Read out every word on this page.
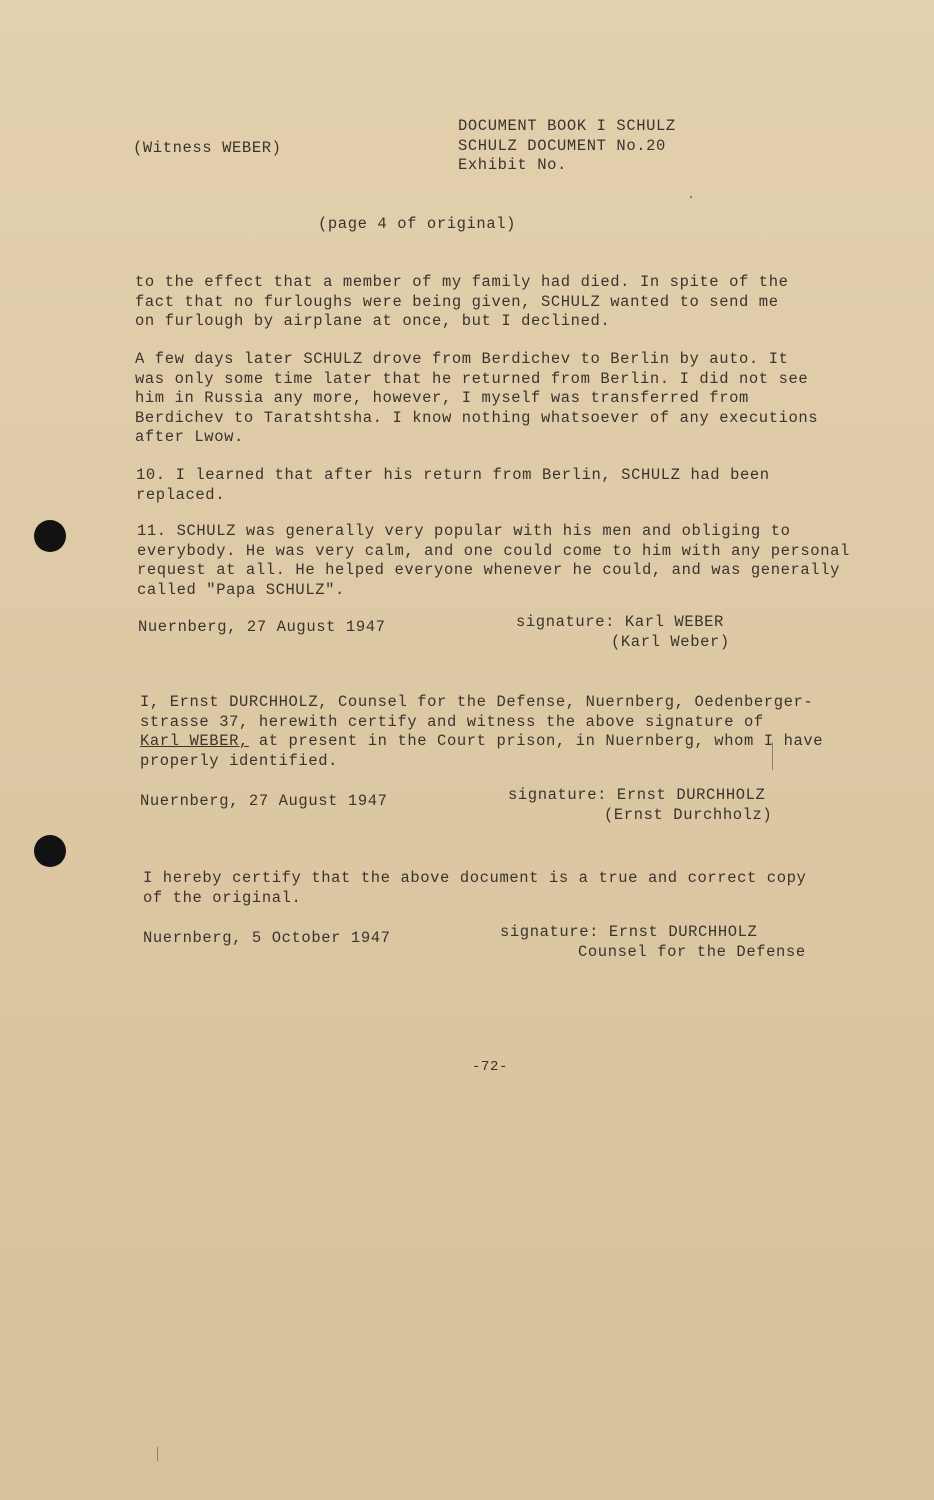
(Witness WEBER)
DOCUMENT BOOK I SCHULZ
SCHULZ DOCUMENT No.20
Exhibit No.
(page 4 of original)
to the effect that a member of my family had died. In spite of the
fact that no furloughs were being given, SCHULZ wanted to send me
on furlough by airplane at once, but I declined.
A few days later SCHULZ drove from Berdichev to Berlin by auto. It
was only some time later that he returned from Berlin. I did not see
him in Russia any more, however, I myself was transferred from
Berdichev to Taratshtsha. I know nothing whatsoever of any executions
after Lwow.
10. I learned that after his return from Berlin, SCHULZ had been
replaced.
11. SCHULZ was generally very popular with his men and obliging to
everybody. He was very calm, and one could come to him with any personal
request at all. He helped everyone whenever he could, and was generally
called "Papa SCHULZ".
Nuernberg, 27 August 1947	signature: Karl WEBER
(Karl Weber)
I, Ernst DURCHHOLZ, Counsel for the Defense, Nuernberg, Oedenberger-
strasse 37, herewith certify and witness the above signature of
Karl WEBER, at present in the Court prison, in Nuernberg, whom I have
properly identified.
Nuernberg, 27 August 1947	signature: Ernst DURCHHOLZ
(Ernst Durchholz)
I hereby certify that the above document is a true and correct copy
of the original.
Nuernberg, 5 October 1947	signature: Ernst DURCHHOLZ
Counsel for the Defense
-72-
